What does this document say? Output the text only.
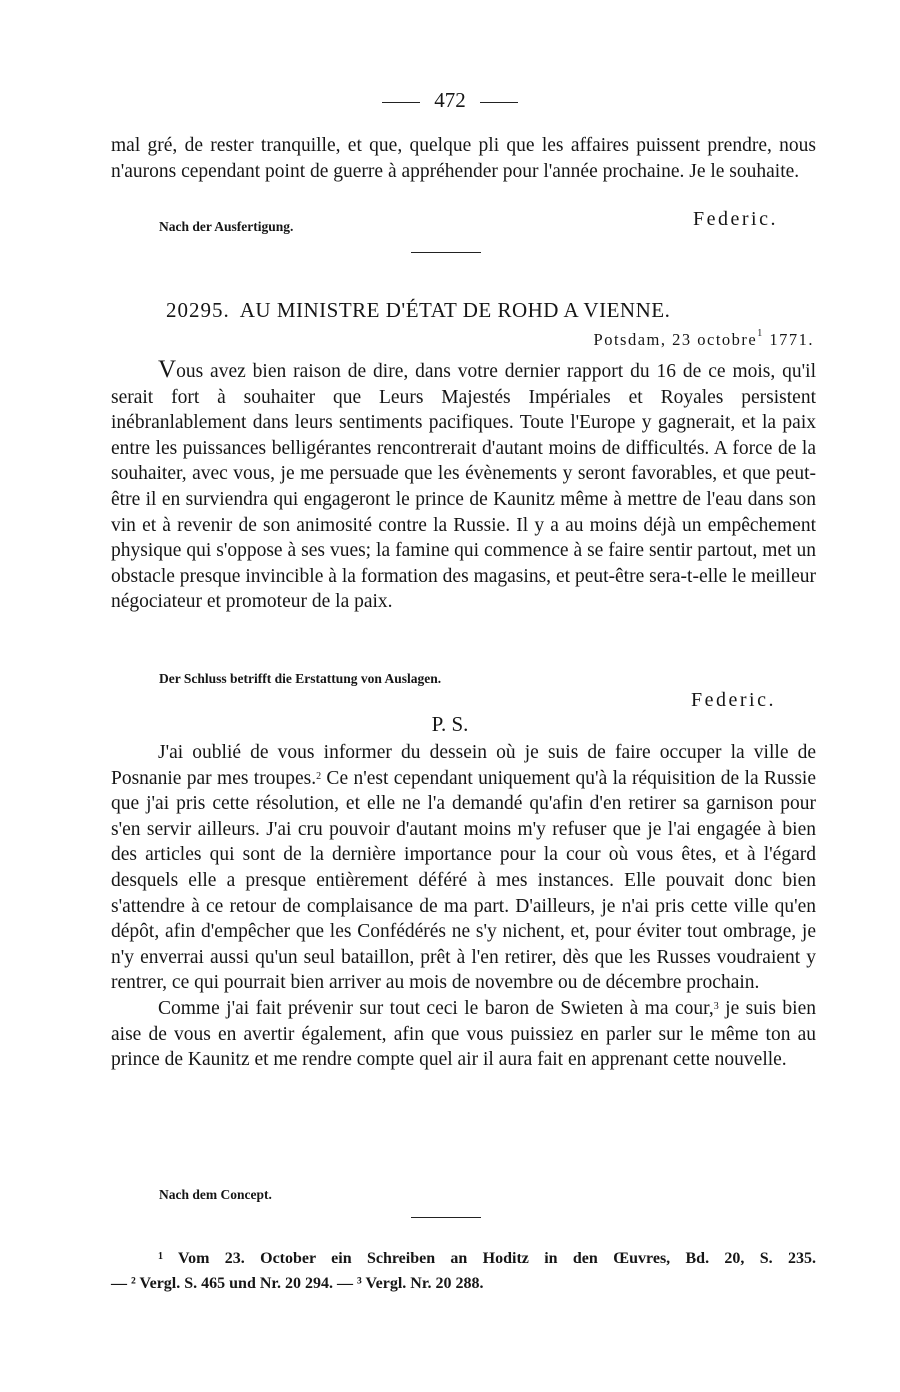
472

mal gré, de rester tranquille, et que, quelque pli que les affaires puissent prendre, nous n'aurons cependant point de guerre à appréhender pour l'année prochaine. Je le souhaite.

Nach der Ausfertigung.	Federic.
20295. AU MINISTRE D'ÉTAT DE ROHD A VIENNE.
Potsdam, 23 octobre$^1$ 1771.

Vous avez bien raison de dire, dans votre dernier rapport du 16 de ce mois, qu'il serait fort à souhaiter que Leurs Majestés Impériales et Royales persistent inébranlablement dans leurs sentiments pacifiques. Toute l'Europe y gagnerait, et la paix entre les puissances belligérantes rencontrerait d'autant moins de difficultés. A force de la souhaiter, avec vous, je me persuade que les évènements y seront favorables, et que peut-être il en surviendra qui engageront le prince de Kaunitz même à mettre de l'eau dans son vin et à revenir de son animosité contre la Russie. Il y a au moins déjà un empêchement physique qui s'oppose à ses vues; la famine qui commence à se faire sentir partout, met un obstacle presque invincible à la formation des magasins, et peut-être sera-t-elle le meilleur négociateur et promoteur de la paix.

Der Schluss betrifft die Erstattung von Auslagen.
Federic.
P. S.

J'ai oublié de vous informer du dessein où je suis de faire occuper la ville de Posnanie par mes troupes.$^2$ Ce n'est cependant uniquement qu'à la réquisition de la Russie que j'ai pris cette résolution, et elle ne l'a demandé qu'afin d'en retirer sa garnison pour s'en servir ailleurs. J'ai cru pouvoir d'autant moins m'y refuser que je l'ai engagée à bien des articles qui sont de la dernière importance pour la cour où vous êtes, et à l'égard desquels elle a presque entièrement déféré à mes instances. Elle pouvait donc bien s'attendre à ce retour de complaisance de ma part. D'ailleurs, je n'ai pris cette ville qu'en dépôt, afin d'empêcher que les Confédérés ne s'y nichent, et, pour éviter tout ombrage, je n'y enverrai aussi qu'un seul bataillon, prêt à l'en retirer, dès que les Russes voudraient y rentrer, ce qui pourrait bien arriver au mois de novembre ou de décembre prochain.

Comme j'ai fait prévenir sur tout ceci le baron de Swieten à ma cour,$^3$ je suis bien aise de vous en avertir également, afin que vous puissiez en parler sur le même ton au prince de Kaunitz et me rendre compte quel air il aura fait en apprenant cette nouvelle.

Nach dem Concept.
$^1$ Vom 23. October ein Schreiben an Hoditz in den Œuvres, Bd. 20, S. 235.
— ² Vergl. S. 465 und Nr. 20 294. — ³ Vergl. Nr. 20 288.
